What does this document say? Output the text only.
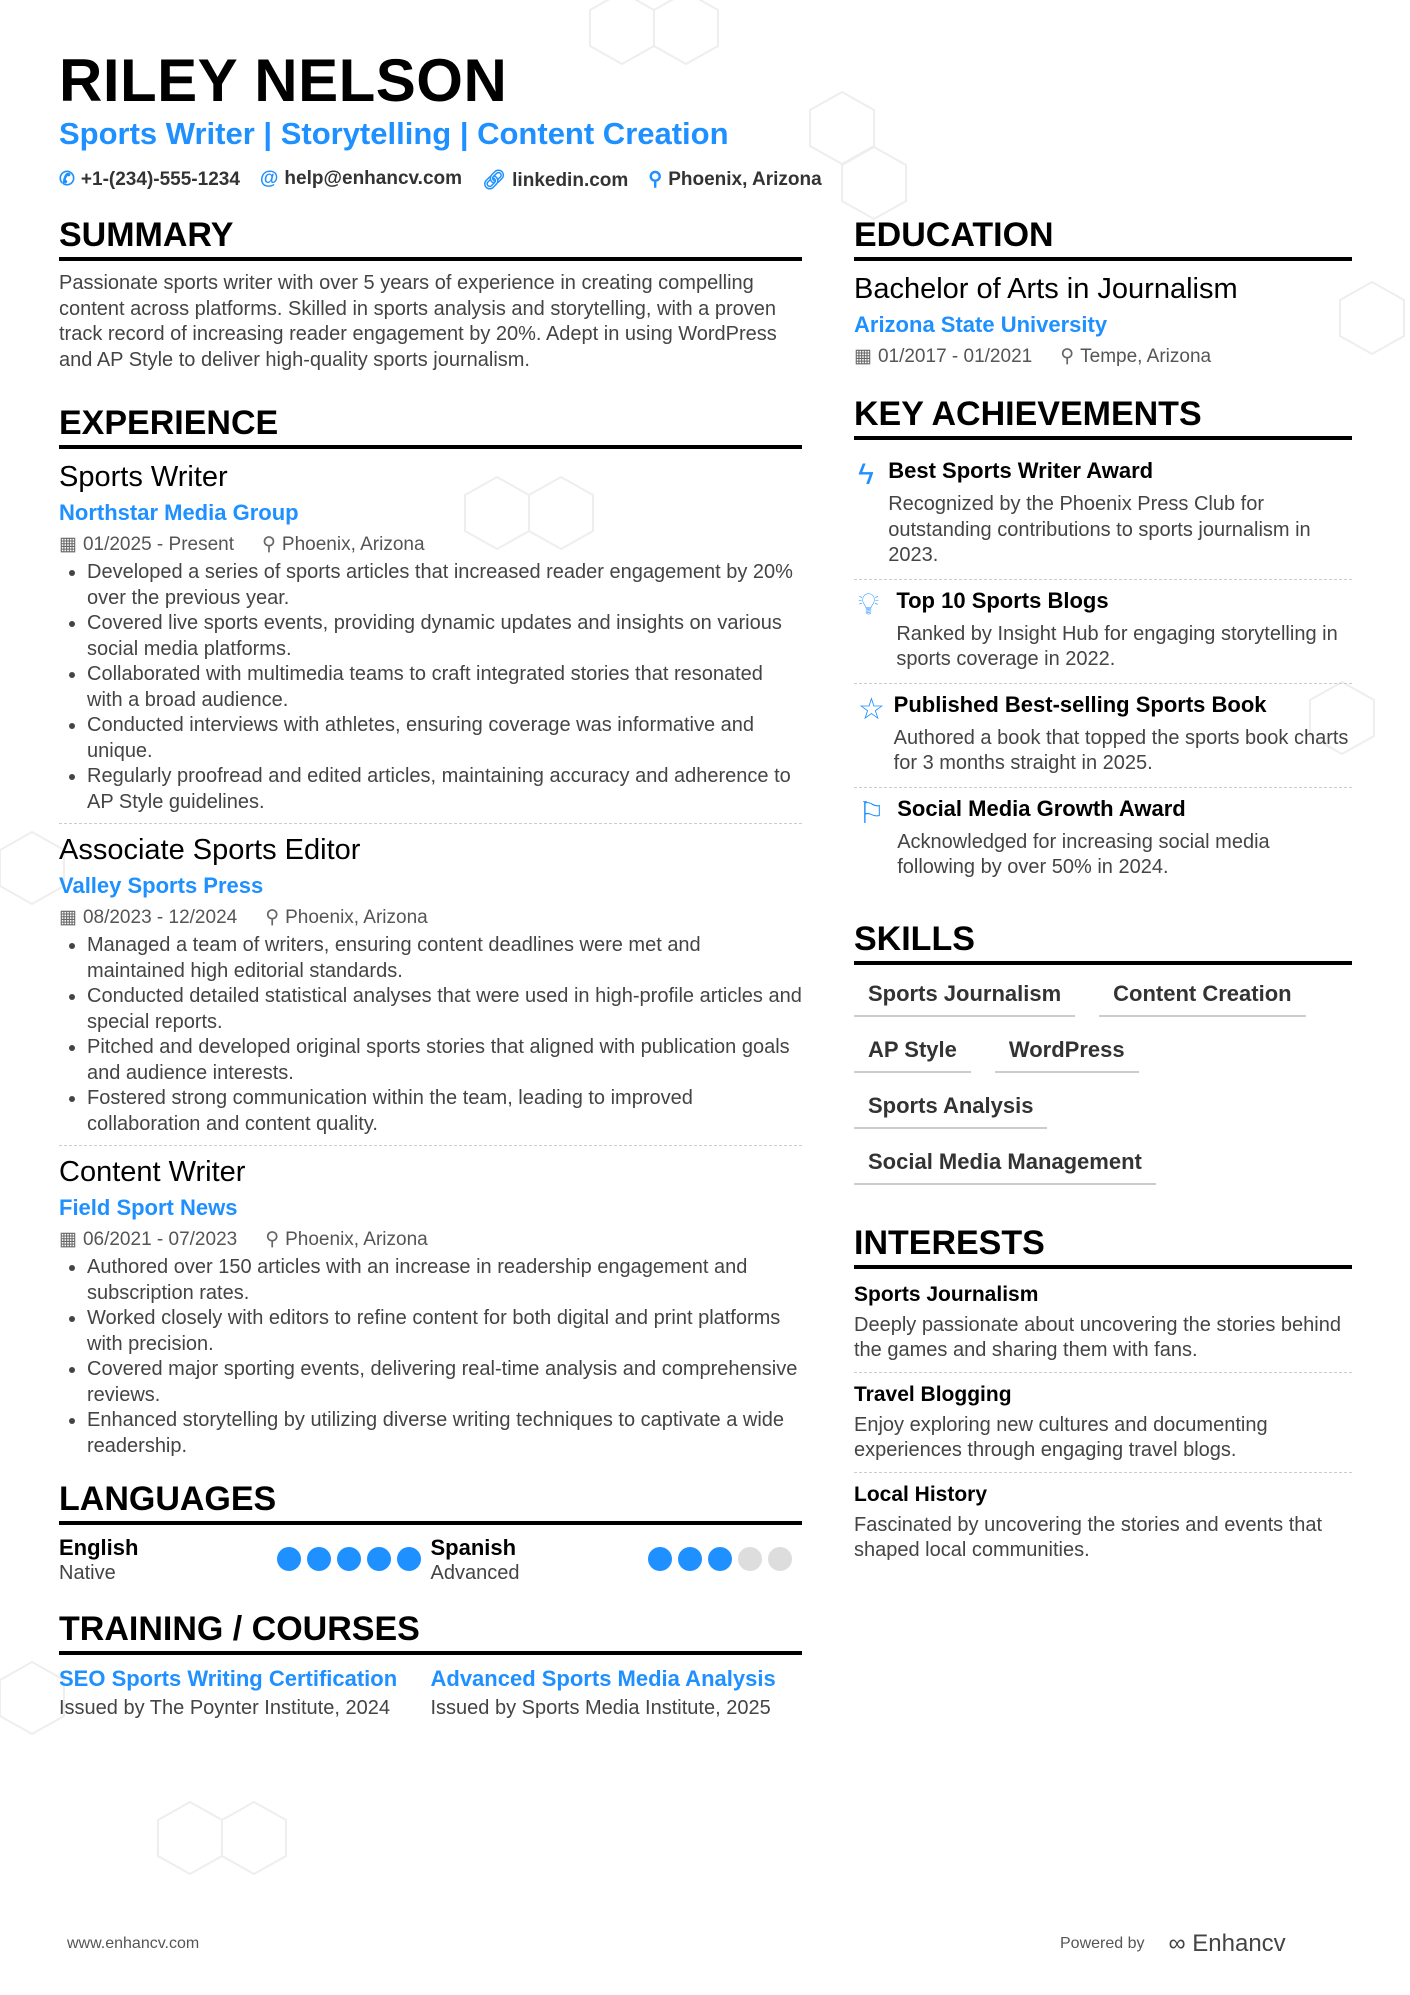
RILEY NELSON
Sports Writer | Storytelling | Content Creation
✆ +1-(234)-555-1234 @ help@enhancv.com 🔗︎ linkedin.com ⚲ Phoenix, Arizona
SUMMARY

Passionate sports writer with over 5 years of experience in creating compelling content across platforms. Skilled in sports analysis and storytelling, with a proven track record of increasing reader engagement by 20%. Adept in using WordPress and AP Style to deliver high-quality sports journalism.

EXPERIENCE
Sports Writer
Northstar Media Group
▦ 01/2025 - Present ⚲ Phoenix, Arizona
• Developed a series of sports articles that increased reader engagement by 20% over the previous year.
• Covered live sports events, providing dynamic updates and insights on various social media platforms.
• Collaborated with multimedia teams to craft integrated stories that resonated with a broad audience.
• Conducted interviews with athletes, ensuring coverage was informative and unique.
• Regularly proofread and edited articles, maintaining accuracy and adherence to AP Style guidelines.
Associate Sports Editor
Valley Sports Press
▦ 08/2023 - 12/2024 ⚲ Phoenix, Arizona
• Managed a team of writers, ensuring content deadlines were met and maintained high editorial standards.
• Conducted detailed statistical analyses that were used in high-profile articles and special reports.
• Pitched and developed original sports stories that aligned with publication goals and audience interests.
• Fostered strong communication within the team, leading to improved collaboration and content quality.
Content Writer
Field Sport News
▦ 06/2021 - 07/2023 ⚲ Phoenix, Arizona
• Authored over 150 articles with an increase in readership engagement and subscription rates.
• Worked closely with editors to refine content for both digital and print platforms with precision.
• Covered major sporting events, delivering real-time analysis and comprehensive reviews.
• Enhanced storytelling by utilizing diverse writing techniques to captivate a wide readership.
LANGUAGES
English
Native
Spanish
Advanced
TRAINING / COURSES
SEO Sports Writing Certification

Issued by The Poynter Institute, 2024

Advanced Sports Media Analysis

Issued by Sports Media Institute, 2025

EDUCATION
Bachelor of Arts in Journalism
Arizona State University
▦ 01/2017 - 01/2021 ⚲ Tempe, Arizona
KEY ACHIEVEMENTS
ϟ Best Sports Writer Award

Recognized by the Phoenix Press Club for outstanding contributions to sports journalism in 2023.

💡︎ Top 10 Sports Blogs

Ranked by Insight Hub for engaging storytelling in sports coverage in 2022.

☆ Published Best-selling Sports Book

Authored a book that topped the sports book charts for 3 months straight in 2025.

⚐ Social Media Growth Award

Acknowledged for increasing social media following by over 50% in 2024.

SKILLS
Sports Journalism	Content Creation
AP Style	WordPress
Sports Analysis
Social Media Management
INTERESTS
Sports Journalism

Deeply passionate about uncovering the stories behind the games and sharing them with fans.

Travel Blogging

Enjoy exploring new cultures and documenting experiences through engaging travel blogs.

Local History

Fascinated by uncovering the stories and events that shaped local communities.

www.enhancv.com	Powered by ∞ Enhancv
